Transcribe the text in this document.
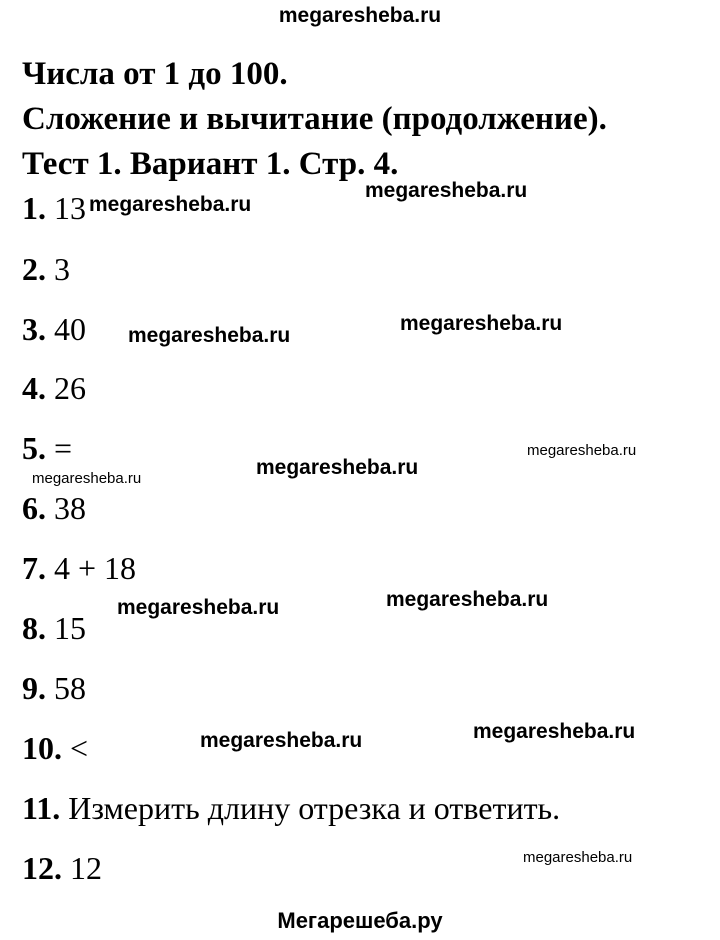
megaresheba.ru
Числа от 1 до 100.
Сложение и вычитание (продолжение).
Тест 1. Вариант 1. Стр. 4.
1. 13
2. 3
3. 40
4. 26
5. =
6. 38
7. 4 + 18
8. 15
9. 58
10. <
11. Измерить длину отрезка и ответить.
12. 12
megaresheba.ru
megaresheba.ru
megaresheba.ru
megaresheba.ru
megaresheba.ru
megaresheba.ru
megaresheba.ru
megaresheba.ru
megaresheba.ru
megaresheba.ru
megaresheba.ru
megaresheba.ru
Мегарешеба.ру
